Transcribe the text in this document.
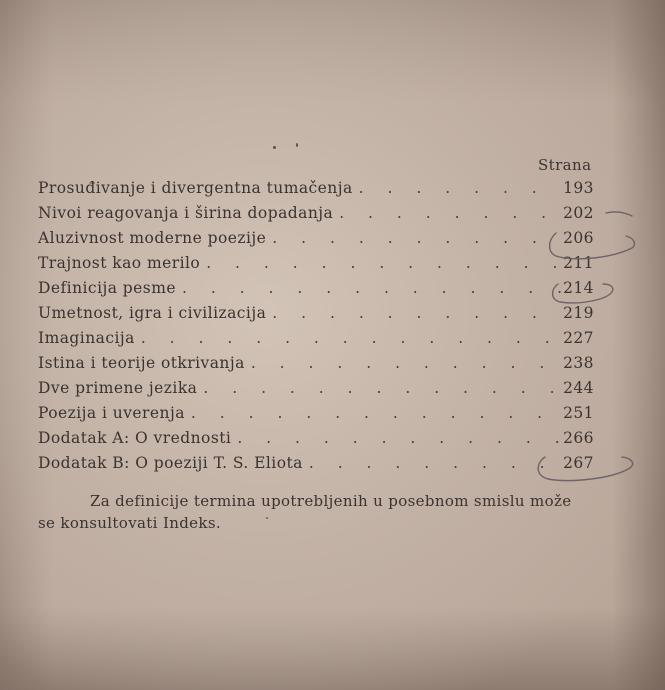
Strana
Prosuđivanje i divergentna tumačenja . . .	193
Nivoi reagovanja i širina dopadanja . . .	202
Aluzivnost moderne poezije . . .	206
Trajnost kao merilo . . .	211
Definicija pesme . . .	214
Umetnost, igra i civilizacija . . .	219
Imaginacija . . .	227
Istina i teorije otkrivanja . . .	238
Dve primene jezika . . .	244
Poezija i uverenja . . .	251
Dodatak A: O vrednosti . . .	266
Dodatak B: O poeziji T. S. Eliota . . .	267
Za definicije termina upotrebljenih u posebnom smislu može
se konsultovati Indeks.
